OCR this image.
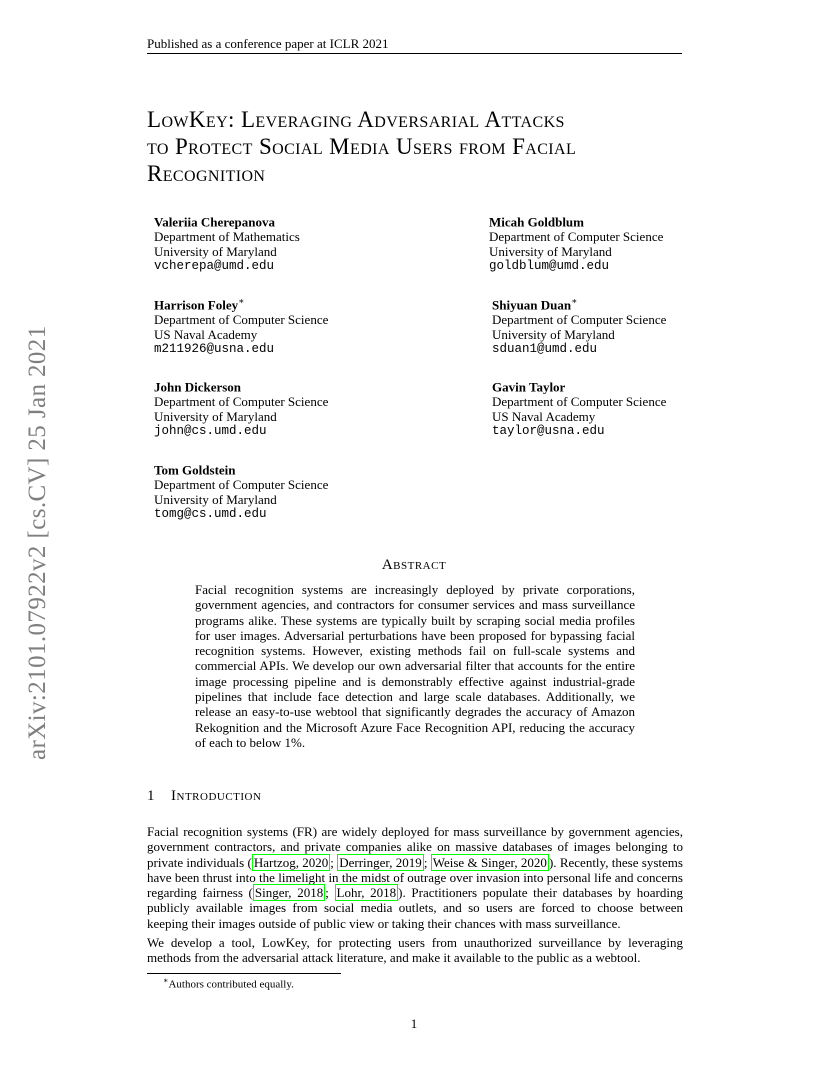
Published as a conference paper at ICLR 2021
LowKey: Leveraging Adversarial Attacks
to Protect Social Media Users from Facial
Recognition
Valeriia Cherepanova
Department of Mathematics
University of Maryland
vcherepa@umd.edu
Micah Goldblum
Department of Computer Science
University of Maryland
goldblum@umd.edu
Harrison Foley∗
Department of Computer Science
US Naval Academy
m211926@usna.edu
Shiyuan Duan∗
Department of Computer Science
University of Maryland
sduan1@umd.edu
John Dickerson
Department of Computer Science
University of Maryland
john@cs.umd.edu
Gavin Taylor
Department of Computer Science
US Naval Academy
taylor@usna.edu
Tom Goldstein
Department of Computer Science
University of Maryland
tomg@cs.umd.edu
arXiv:2101.07922v2 [cs.CV] 25 Jan 2021	Abstract
Facial recognition systems are increasingly deployed by private corporations, government agencies, and contractors for consumer services and mass surveillance programs alike. These systems are typically built by scraping social media profiles for user images. Adversarial perturbations have been proposed for bypassing facial recognition systems. However, existing methods fail on full-scale systems and commercial APIs. We develop our own adversarial filter that accounts for the entire image processing pipeline and is demonstrably effective against industrial-grade pipelines that include face detection and large scale databases. Additionally, we release an easy-to-use webtool that significantly degrades the accuracy of Amazon Rekognition and the Microsoft Azure Face Recognition API, reducing the accuracy of each to below 1%.
1 Introduction
Facial recognition systems (FR) are widely deployed for mass surveillance by government agencies, government contractors, and private companies alike on massive databases of images belonging to private individuals ( Hartzog, 2020 ; Derringer, 2019 ; Weise & Singer, 2020 ). Recently, these systems have been thrust into the limelight in the midst of outrage over invasion into personal life and concerns regarding fairness ( Singer, 2018 ; Lohr, 2018 ). Practitioners populate their databases by hoarding publicly available images from social media outlets, and so users are forced to choose between keeping their images outside of public view or taking their chances with mass surveillance.
We develop a tool, LowKey, for protecting users from unauthorized surveillance by leveraging methods from the adversarial attack literature, and make it available to the public as a webtool.
∗Authors contributed equally.
1
